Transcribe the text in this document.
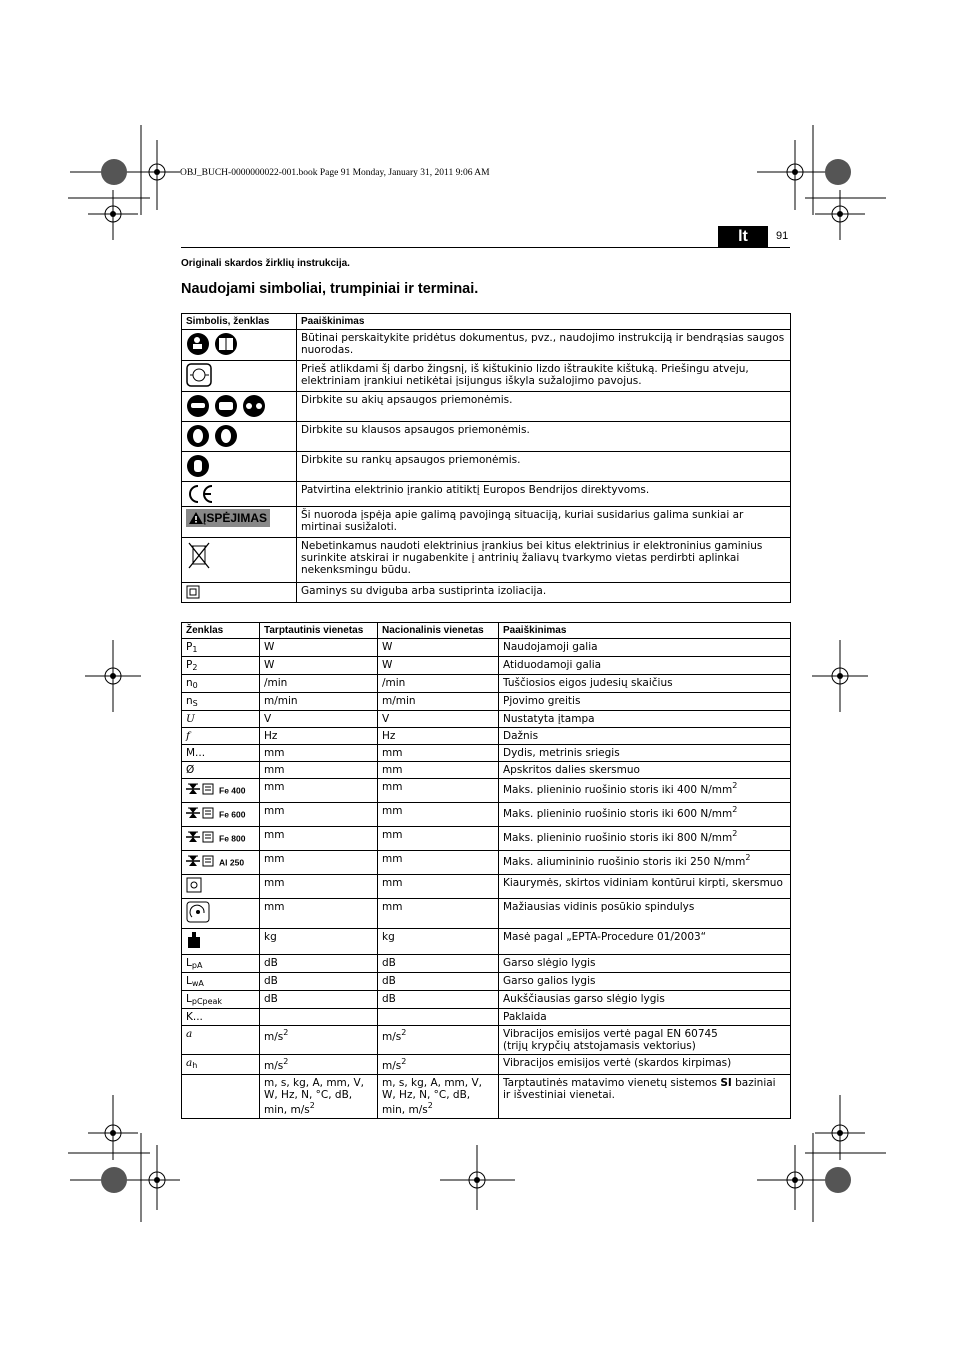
OBJ_BUCH-0000000022-001.book Page 91 Monday, January 31, 2011 9:06 AM
lt	91
Originali skardos žirklių instrukcija.
Naudojami simboliai, trumpiniai ir terminai.
Simbolis, ženklas	Paaiškinimas
	Būtinai perskaitykite pridėtus dokumentus, pvz., naudojimo instrukciją ir bendrąsias saugos nuorodas.
	Prieš atlikdami šį darbo žingsnį, iš kištukinio lizdo ištraukite kištuką. Priešingu atveju, elektriniam įrankiui netikėtai įsijungus iškyla sužalojimo pavojus.
	Dirbkite su akių apsaugos priemonėmis.
	Dirbkite su klausos apsaugos priemonėmis.
	Dirbkite su rankų apsaugos priemonėmis.
	Patvirtina elektrinio įrankio atitiktį Europos Bendrijos direktyvoms.

ĮSPĖJIMAS	Ši nuoroda įspėja apie galimą pavojingą situaciją, kuriai susidarius galima sunkiai ar mirtinai susižaloti.
	Nebetinkamus naudoti elektrinius įrankius bei kitus elektrinius ir elektroninius gaminius surinkite atskirai ir nugabenkite į antrinių žaliavų tvarkymo vietas perdirbti aplinkai nekenksmingu būdu.
	Gaminys su dviguba arba sustiprinta izoliacija.
Ženklas	Tarptautinis vienetas	Nacionalinis vienetas	Paaiškinimas
$P_1$	W	W	Naudojamoji galia
$P_2$	W	W	Atiduodamoji galia
$n_0$	/min	/min	Tuščiosios eigos judesių skaičius
$n_S$	m/min	m/min	Pjovimo greitis
U	V	V	Nustatyta įtampa
f	Hz	Hz	Dažnis
M...	mm	mm	Dydis, metrinis sriegis
Ø	mm	mm	Apskritos dalies skersmuo
Fe 400	mm	mm	Maks. plieninio ruošinio storis iki 400 $N/mm^2$
Fe 600	mm	mm	Maks. plieninio ruošinio storis iki 600 $N/mm^2$
Fe 800	mm	mm	Maks. plieninio ruošinio storis iki 800 $N/mm^2$
Al 250	mm	mm	Maks. aliumininio ruošinio storis iki 250 $N/mm^2$
	mm	mm	Kiaurymės, skirtos vidiniam kontūrui kirpti, skersmuo
	mm	mm	Mažiausias vidinis posūkio spindulys
	kg	kg	Masė pagal „EPTA-Procedure 01/2003“
$L_{pA}$	dB	dB	Garso slėgio lygis
$L_{wA}$	dB	dB	Garso galios lygis
$L_{pCpeak}$	dB	dB	Aukščiausias garso slėgio lygis
K...			Paklaida
a	$m/s^2$	$m/s^2$	Vibracijos emisijos vertė pagal EN 60745
(trijų krypčių atstojamasis vektorius)
$a_h$	$m/s^2$	$m/s^2$	Vibracijos emisijos vertė (skardos kirpimas)
	m, s, kg, A, mm, V, W, Hz, N, °C, dB, min, $m/s^2$	m, s, kg, A, mm, V, W, Hz, N, °C, dB, min, $m/s^2$	Tarptautinės matavimo vienetų sistemos SI baziniai ir išvestiniai vienetai.
